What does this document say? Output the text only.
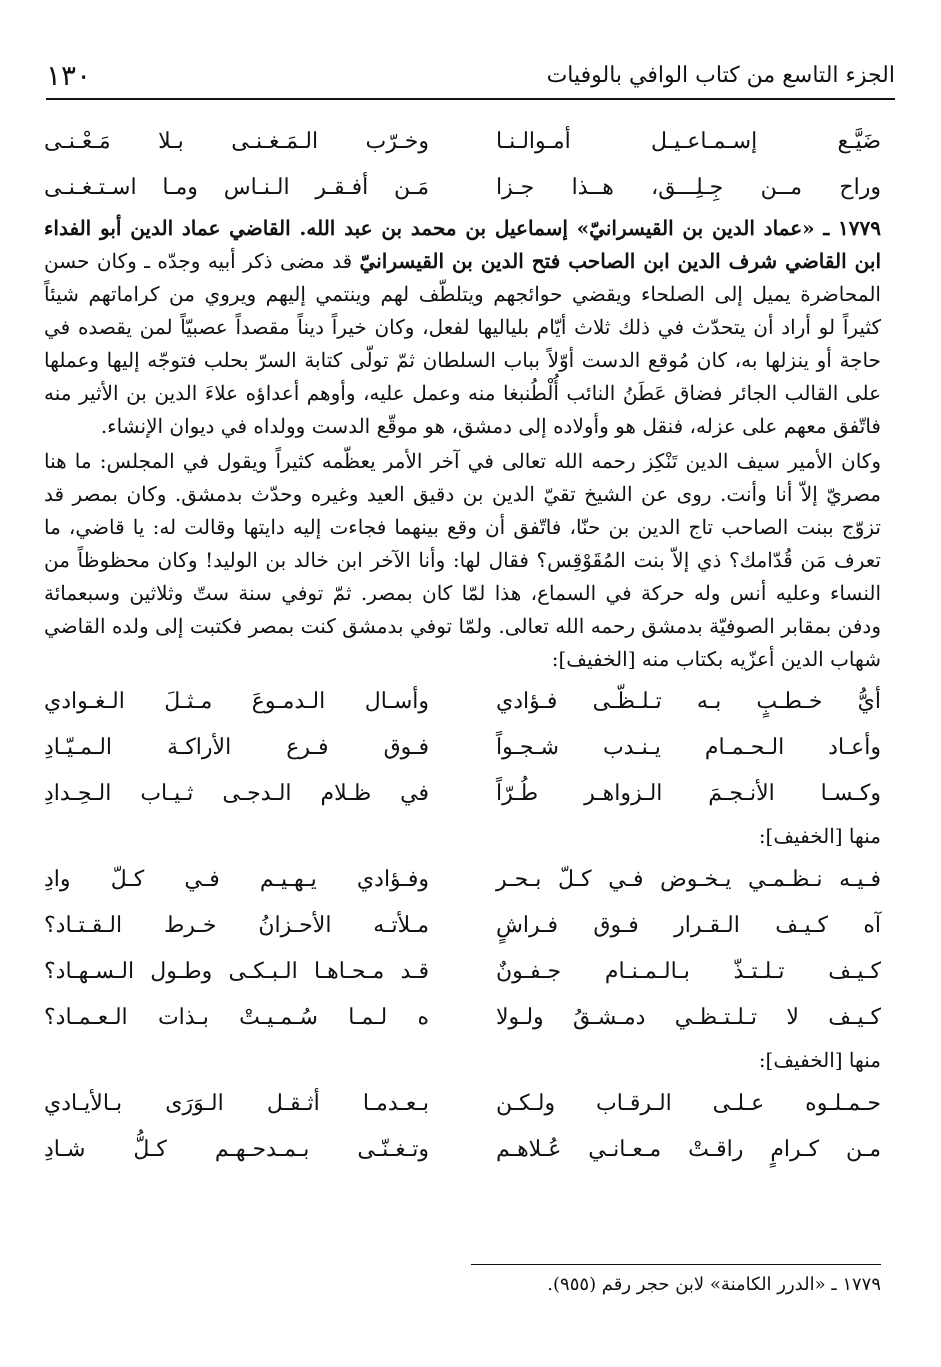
الجزء التاسع من كتاب الوافي بالوفيات
١٣٠
ضَيَّـع إسـمـاعـيـل أمـوالـنـا
وخـرّب الـمَـغـنـى بـلا مَـعْـنـى
وراح مــن جِـلِـــق، هــذا جـزا
مَـن أفـقـر الـنـاس ومـا اسـتـغـنـى

١٧٧٩ ـ «عماد الدين بن القيسرانيّ» إسماعيل بن محمد بن عبد الله. القاضي عماد الدين أبو الفداء ابن القاضي شرف الدين ابن الصاحب فتح الدين بن القيسرانيّ قد مضى ذكر أبيه وجدّه ـ وكان حسن المحاضرة يميل إلى الصلحاء ويقضي حوائجهم ويتلطّف لهم وينتمي إليهم ويروي من كراماتهم شيئاً كثيراً لو أراد أن يتحدّث في ذلك ثلاث أيّام بلياليها لفعل، وكان خيراً ديناً مقصداً عصبيّاً لمن يقصده في حاجة أو ينزلها به، كان مُوقع الدست أوّلاً بباب السلطان ثمّ تولّى كتابة السرّ بحلب فتوجّه إليها وعملها على القالب الجائر فضاق عَطَنُ النائب أُلْطُنبغا منه وعمل عليه، وأوهم أعداؤه علاءَ الدين بن الأثير منه فاتّفق معهم على عزله، فنقل هو وأولاده إلى دمشق، هو موقّع الدست وولداه في ديوان الإنشاء.

وكان الأمير سيف الدين تَنْكِز رحمه الله تعالى في آخر الأمر يعظّمه كثيراً ويقول في المجلس: ما هنا مصريّ إلاّ أنا وأنت. روى عن الشيخ تقيّ الدين بن دقيق العيد وغيره وحدّث بدمشق. وكان بمصر قد تزوّج ببنت الصاحب تاج الدين بن حنّا، فاتّفق أن وقع بينهما فجاءت إليه دايتها وقالت له: يا قاضي، ما تعرف مَن قُدّامك؟ ذي إلاّ بنت المُقَوْقِس؟ فقال لها: وأنا الآخر ابن خالد بن الوليد! وكان محظوظاً من النساء وعليه أنس وله حركة في السماع، هذا لمّا كان بمصر. ثمّ توفي سنة ستّ وثلاثين وسبعمائة ودفن بمقابر الصوفيّة بدمشق رحمه الله تعالى. ولمّا توفي بدمشق كنت بمصر فكتبت إلى ولده القاضي شهاب الدين أعزّيه بكتاب منه [الخفيف]:

أيُّ خـطـبٍ بـه تـلـظّـى فـؤادي
وأسـال الـدمـوعَ مـثـلَ الـغـوادي
وأعـاد الـحـمـام يـنـدب شـجـواً
فـوق فـرع الأراكـة الـمـيّـادِ
وكـسـا الأنـجـمَ الـزواهـر طُـرّاً
في ظـلام الـدجـى ثـيـاب الـحِـدادِ
منها [الخفيف]:
فـيـه نـظـمـي يـخـوض فـي كـلّ بـحـر
وفـؤادي يـهـيـم فـي كـلّ وادِ
آه كـيـف الـقـرار فـوق فـراشٍ
مـلأتـه الأحـزانُ خـرط الـقـتـاد؟
كـيـف تـلـتـذّ بـالـمـنـام جـفـونٌ
قـد مـحـاهـا الـبـكـى وطـول الـسـهـاد؟
كـيـف لا تـلـتـظـي دمـشـقُ ولـولا
ه لـمـا سُـمـيـتْ بـذات الـعـمـاد؟
منها [الخفيف]:
حـمـلـوه عـلـى الـرقـاب ولـكـن
بـعـدمـا أثـقـل الـوَرَى بـالأيـادي
مـن كـرامٍ راقـتْ مـعـانـي عُـلاهـم
وتـغـنّـى بـمـدحـهـم كـلُّ شـادِ
١٧٧٩ ـ «الدرر الكامنة» لابن حجر رقم (٩٥٥).
